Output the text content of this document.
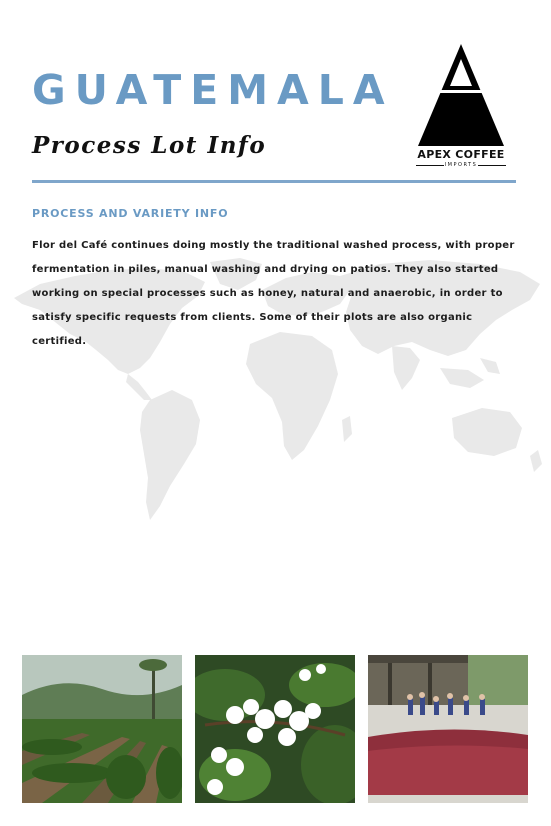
GUATEMALA
Process Lot Info	APEX COFFEE
IMPORTS
PROCESS AND VARIETY INFO

Flor del Café continues doing mostly the traditional washed process, with proper fermentation in piles, manual washing and drying on patios. They also started working on special processes such as honey, natural and anaerobic, in order to satisfy specific requests from clients. Some of their plots are also organic certified.
